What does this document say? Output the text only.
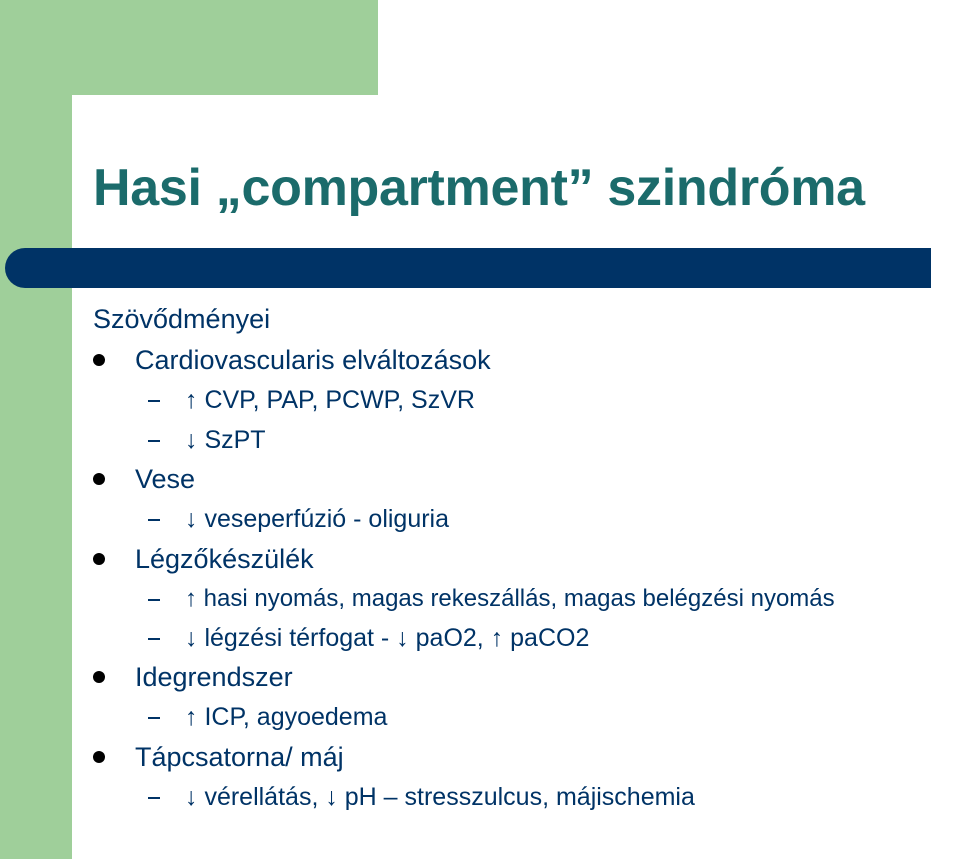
Hasi „compartment” szindróma
Szövődményei
Cardiovascularis elváltozások
↑ CVP, PAP, PCWP, SzVR
↓ SzPT
Vese
↓ veseperfúzió - oliguria
Légzőkészülék
↑ hasi nyomás, magas rekeszállás, magas belégzési nyomás
↓ légzési térfogat - ↓ paO2, ↑ paCO2
Idegrendszer
↑ ICP, agyoedema
Tápcsatorna/ máj
↓ vérellátás, ↓ pH – stresszulcus, májischemia
